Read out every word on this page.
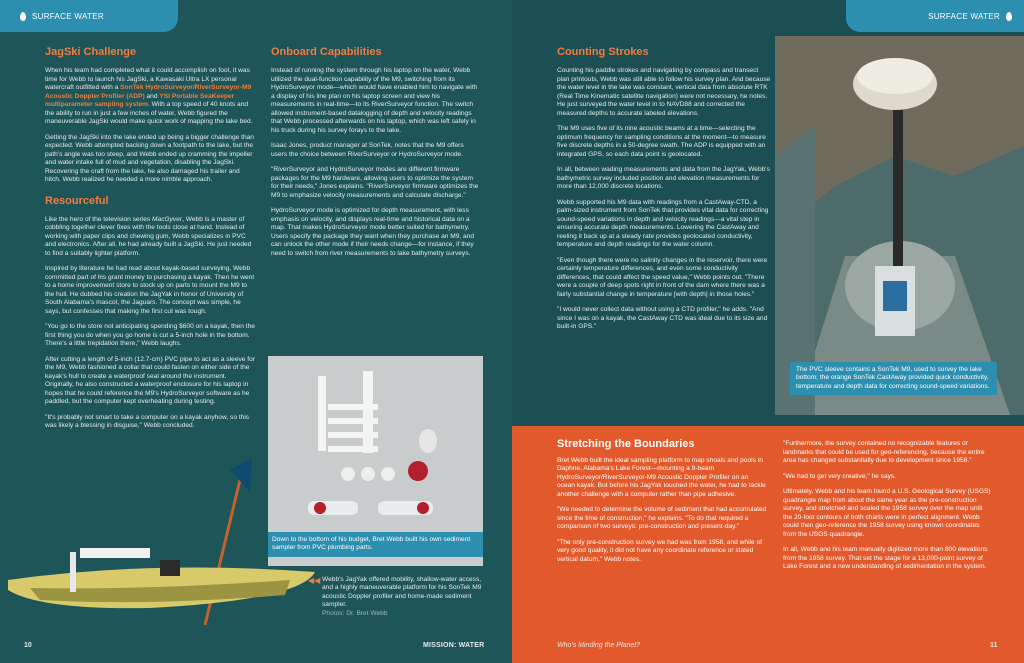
SURFACE WATER	SURFACE WATER
JagSki Challenge

When his team had completed what it could accomplish on foot, it was time for Webb to launch his JagSki, a Kawasaki Ultra LX personal watercraft outfitted with a SonTek HydroSurveyor/RiverSurveyor-M9 Acoustic Doppler Profiler (ADP) and YSI Portable SeaKeeper multiparameter sampling system. With a top speed of 40 knots and the ability to run in just a few inches of water, Webb figured the maneuverable JagSki would make quick work of mapping the lake bed.

Getting the JagSki into the lake ended up being a bigger challenge than expected. Webb attempted backing down a footpath to the lake, but the path's angle was too steep, and Webb ended up cramming the impeller and water intake full of mud and vegetation, disabling the JagSki. Recovering the craft from the lake, he also damaged his trailer and hitch. Webb realized he needed a more nimble approach.

Resourceful

Like the hero of the television series MacGyver, Webb is a master of cobbling together clever fixes with the tools close at hand. Instead of working with paper clips and chewing gum, Webb specializes in PVC and electronics. After all, he had already built a JagSki. He just needed to find a suitably lighter platform.

Inspired by literature he had read about kayak-based surveying, Webb committed part of his grant money to purchasing a kayak. Then he went to a home improvement store to stock up on parts to mount the M9 to the hull. He dubbed his creation the JagYak in honor of University of South Alabama's mascot, the Jaguars. The concept was simple, he says, but confesses that making the first cut was tough.

"You go to the store not anticipating spending $600 on a kayak, then the first thing you do when you go home is cut a 5-inch hole in the bottom. There's a little trepidation there," Webb laughs.

After cutting a length of 5-inch (12.7-cm) PVC pipe to act as a sleeve for the M9, Webb fashioned a collar that could fasten on either side of the kayak's hull to create a waterproof seal around the instrument. Originally, he also constructed a waterproof enclosure for his laptop in hopes that he could reference the M9's HydroSurveyor software as he paddled, but the computer kept overheating during testing.

"It's probably not smart to take a computer on a kayak anyhow, so this was likely a blessing in disguise," Webb concluded.

Onboard Capabilities

Instead of running the system through his laptop on the water, Webb utilized the dual-function capability of the M9, switching from its HydroSurveyor mode—which would have enabled him to navigate with a display of his line plan on his laptop screen and view his measurements in real-time—to its RiverSurveyor function. The switch allowed instrument-based datalogging of depth and velocity readings that Webb processed afterwards on his laptop, which was left safely in his truck during his survey forays to the lake.

Isaac Jones, product manager at SonTek, notes that the M9 offers users the choice between RiverSurveyor or HydroSurveyor mode.

"RiverSurveyor and HydroSurveyor modes are different firmware packages for the M9 hardware, allowing users to optimize the system for their needs," Jones explains. "RiverSurveyor firmware optimizes the M9 to emphasize velocity measurements and calculate discharge."

HydroSurveyor mode is optimized for depth measurement, with less emphasis on velocity, and displays real-time and historical data on a map. That makes HydroSurveyor mode better suited for bathymetry. Users specify the package they want when they purchase an M9, and can unlock the other mode if their needs change—for instance, if they need to switch from river measurements to lake bathymetry surveys.

Counting Strokes

Counting his paddle strokes and navigating by compass and transect plan printouts, Webb was still able to follow his survey plan. And because the water level in the lake was constant, vertical data from absolute RTK (Real Time Kinematic satellite navigation) were not necessary, he notes. He just surveyed the water level in to NAVD88 and corrected the measured depths to accurate labeled elevations.

The M9 uses five of its nine acoustic beams at a time—selecting the optimum frequency for sampling conditions at the moment—to measure five discrete depths in a 50-degree swath. The ADP is equipped with an integrated GPS, so each data point is geolocated.

In all, between wading measurements and data from the JagYak, Webb's bathymetric survey included position and elevation measurements for more than 12,000 discrete locations.

Webb supported his M9 data with readings from a CastAway-CTD, a palm-sized instrument from SonTek that provides vital data for correcting sound-speed variations in depth and velocity readings—a vital step in ensuring accurate depth measurements. Lowering the CastAway and reeling it back up at a steady rate provides geolocated conductivity, temperature and depth readings for the water column.

"Even though there were no salinity changes in the reservoir, there were certainly temperature differences, and even some conductivity differences, that could affect the speed value," Webb points out. "There were a couple of deep spots right in front of the dam where there was a fairly substantial change in temperature [with depth] in those holes."

"I would never collect data without using a CTD profiler," he adds. "And since I was on a kayak, the CastAway CTD was ideal due to its size and built-in GPS."

The PVC sleeve contains a SonTek M9, used to survey the lake bottom; the orange SonTek CastAway provided quick conductivity, temperature and depth data for correcting sound-speed variations.
Stretching the Boundaries

Bret Webb built the ideal sampling platform to map shoals and pools in Daphne, Alabama's Lake Forest—mounting a 9-beam HydroSurveyor/RiverSurveyor-M9 Acoustic Doppler Profiler on an ocean kayak. But before his JagYak touched the water, he had to tackle another challenge with a computer rather than pipe adhesive.

"We needed to determine the volume of sediment that had accumulated since the time of construction," he explains. "To do that required a comparison of two surveys: pre-construction and present-day."

"The only pre-construction survey we had was from 1958, and while of very good quality, it did not have any coordinate reference or stated vertical datum," Webb notes.

"Furthermore, the survey contained no recognizable features or landmarks that could be used for geo-referencing, because the entire area has changed substantially due to development since 1958."

"We had to get very creative," he says.

Ultimately, Webb and his team found a U.S. Geological Survey (USGS) quadrangle map from about the same year as the pre-construction survey, and stretched and scaled the 1958 survey over the map until the 20-foot contours of both charts were in perfect alignment. Webb could then geo-reference the 1958 survey using known coordinates from the USGS quadrangle.

In all, Webb and his team manually digitized more than 800 elevations from the 1958 survey. That set the stage for a 13,000-point survey of Lake Forest and a new understanding of sedimentation in the system.

Down to the bottom of his budget, Bret Webb built his own sediment sampler from PVC plumbing parts.
◀◀ Webb's JagYak offered mobility, shallow-water access, and a highly maneuverable platform for his SonTek M9 acoustic Doppler profiler and home-made sediment sampler.
Photos: Dr. Bret Webb
10	MISSION: WATER	Who's Minding the Planet?	11
